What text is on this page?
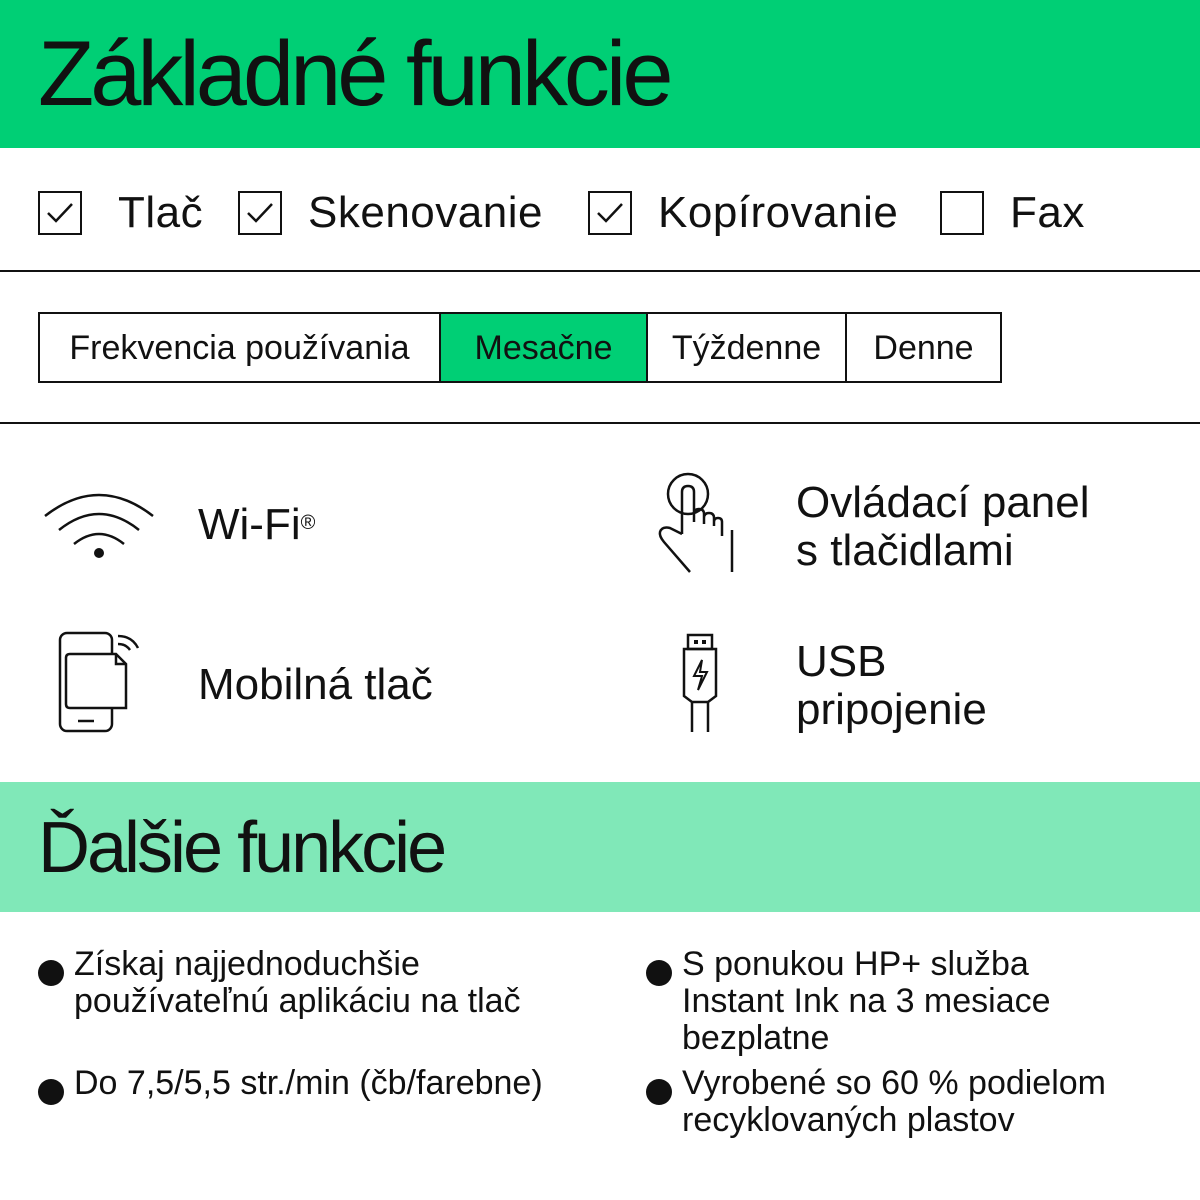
Základné funkcie
Tlač Skenovanie	Kopírovanie	Fax
Frekvencia používania	Mesačne	Týždenne	Denne
Wi-Fi®	Ovládací panel
s tlačidlami
Mobilná tlač	USB
pripojenie
Ďalšie funkcie
Získaj najjednoduchšie
používateľnú aplikáciu na tlač
Do 7,5/5,5 str./min (čb/farebne)
S ponukou HP+ služba
Instant Ink na 3 mesiace
bezplatne
Vyrobené so 60 % podielom
recyklovaných plastov
